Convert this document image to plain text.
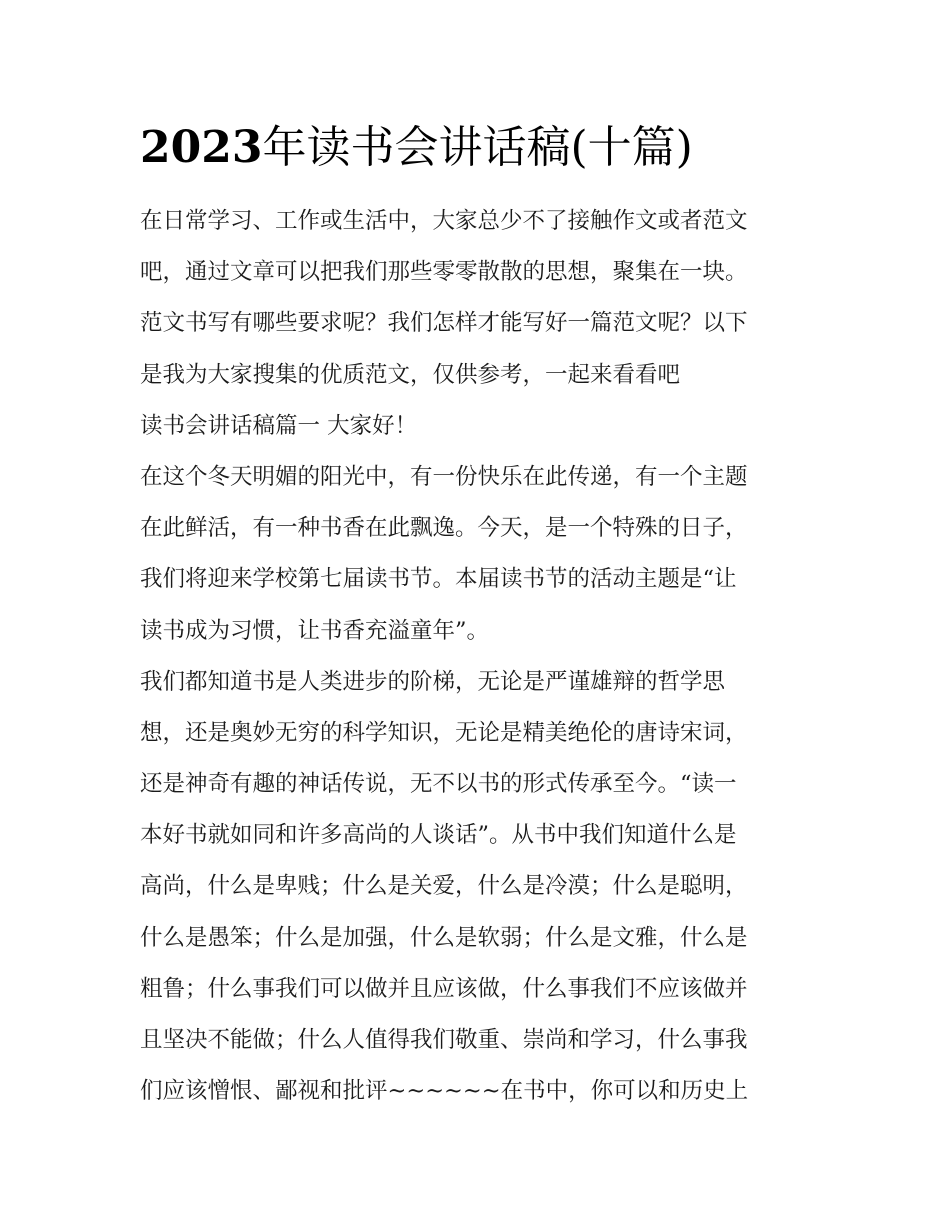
2023年读书会讲话稿(十篇)
在日常学习、工作或生活中，大家总少不了接触作文或者范文
吧，通过文章可以把我们那些零零散散的思想，聚集在一块。
范文书写有哪些要求呢？我们怎样才能写好一篇范文呢？以下
是我为大家搜集的优质范文，仅供参考，一起来看看吧
读书会讲话稿篇一 大家好！
在这个冬天明媚的阳光中，有一份快乐在此传递，有一个主题
在此鲜活，有一种书香在此飘逸。今天，是一个特殊的日子，
我们将迎来学校第七届读书节。本届读书节的活动主题是“让
读书成为习惯，让书香充溢童年”。
我们都知道书是人类进步的阶梯，无论是严谨雄辩的哲学思
想，还是奥妙无穷的科学知识，无论是精美绝伦的唐诗宋词，
还是神奇有趣的神话传说，无不以书的形式传承至今。“读一
本好书就如同和许多高尚的人谈话”。从书中我们知道什么是
高尚，什么是卑贱；什么是关爱，什么是冷漠；什么是聪明，
什么是愚笨；什么是加强，什么是软弱；什么是文雅，什么是
粗鲁；什么事我们可以做并且应该做，什么事我们不应该做并
且坚决不能做；什么人值得我们敬重、崇尚和学习，什么事我
们应该憎恨、鄙视和批评~~~~~~在书中，你可以和历史上
